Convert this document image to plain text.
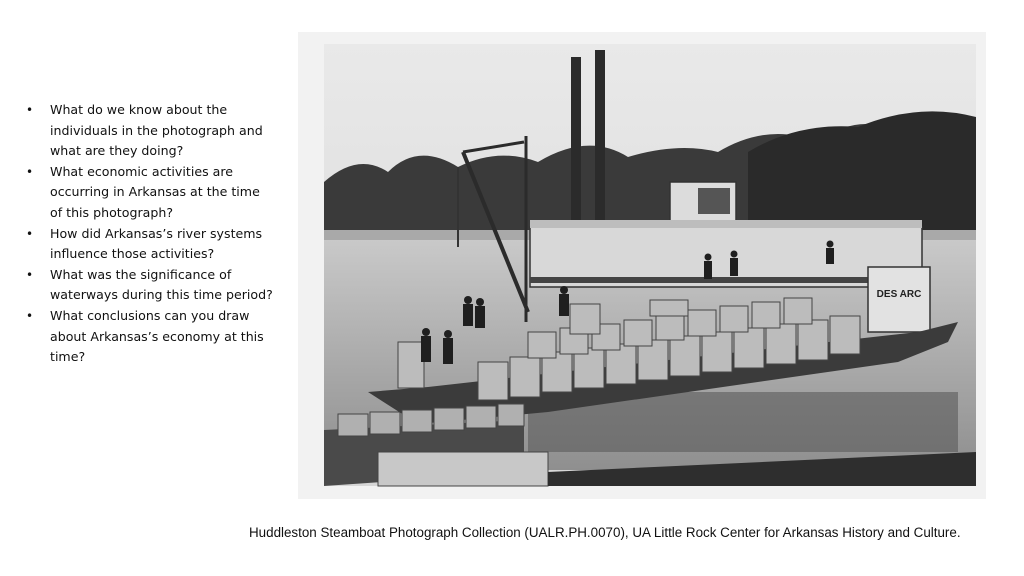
• What do we know about the individuals in the photograph and what are they doing?
• What economic activities are occurring in Arkansas at the time of this photograph?
• How did Arkansas’s river systems influence those activities?
• What was the significance of waterways during this time period?
• What conclusions can you draw about Arkansas’s economy at this time?
DES ARC
Huddleston Steamboat Photograph Collection (UALR.PH.0070), UA Little Rock Center for Arkansas History and Culture.
